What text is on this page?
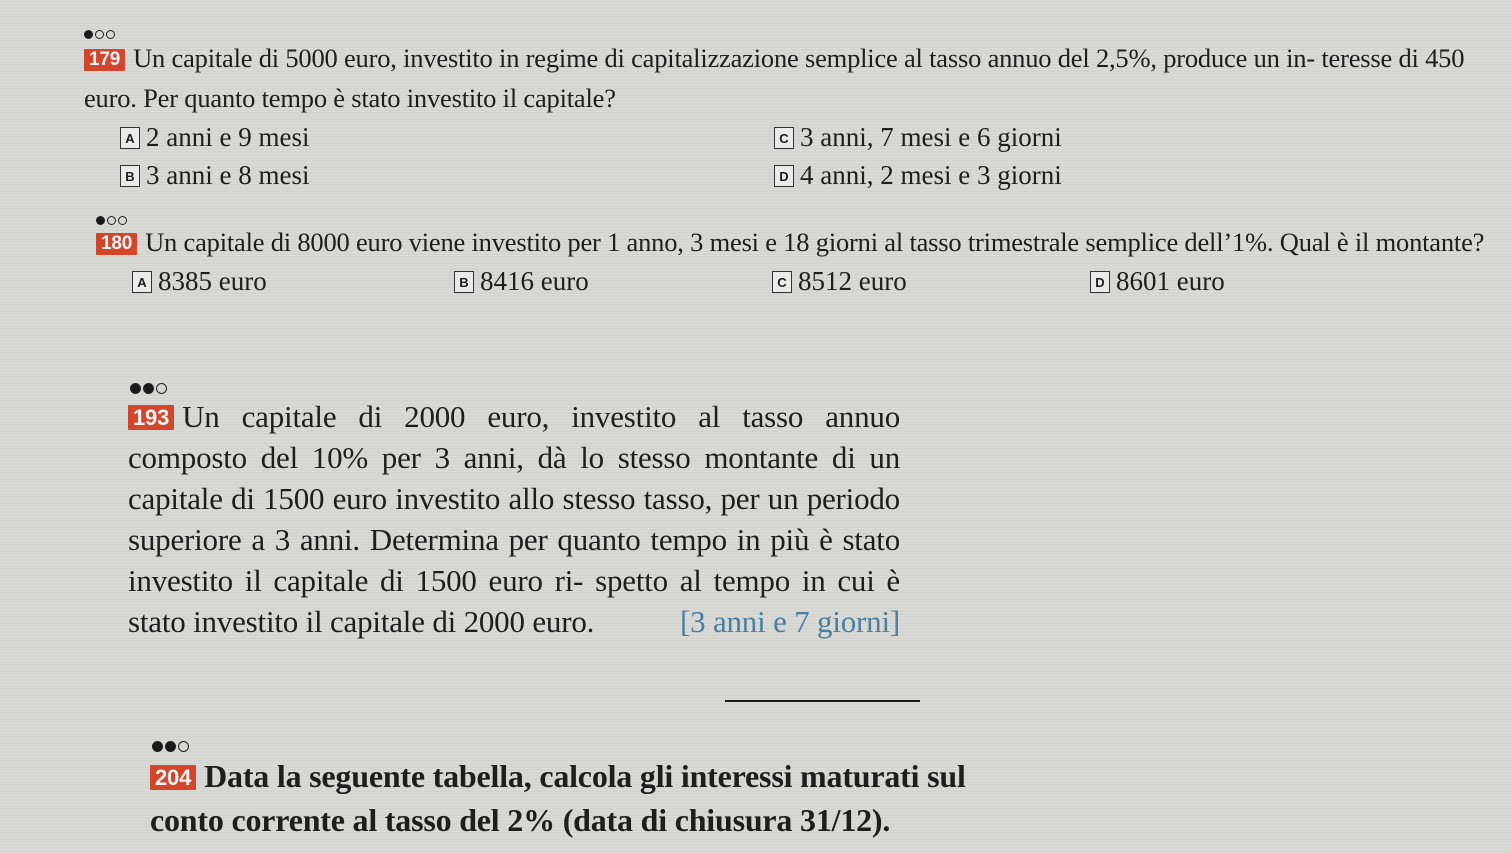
179 Un capitale di 5000 euro, investito in regime di capitalizzazione semplice al tasso annuo del 2,5%, produce un in- teresse di 450 euro. Per quanto tempo è stato investito il capitale?

A 2 anni e 9 mesi
B 3 anni e 8 mesi
C 3 anni, 7 mesi e 6 giorni
D 4 anni, 2 mesi e 3 giorni

180 Un capitale di 8000 euro viene investito per 1 anno, 3 mesi e 18 giorni al tasso trimestrale semplice dell’1%. Qual è il montante?

A 8385 euro	B 8416 euro	C 8512 euro	D 8601 euro

193 Un capitale di 2000 euro, investito al tasso annuo composto del 10% per 3 anni, dà lo stesso montante di un capitale di 1500 euro investito allo stesso tasso, per un periodo superiore a 3 anni. Determina per quanto tempo in più è stato investito il capitale di 1500 euro ri- spetto al tempo in cui è stato investito il capitale di 2000 euro.	[3 anni e 7 giorni]

204 Data la seguente tabella, calcola gli interessi maturati sul conto corrente al tasso del 2% (data di chiusura 31/12).
